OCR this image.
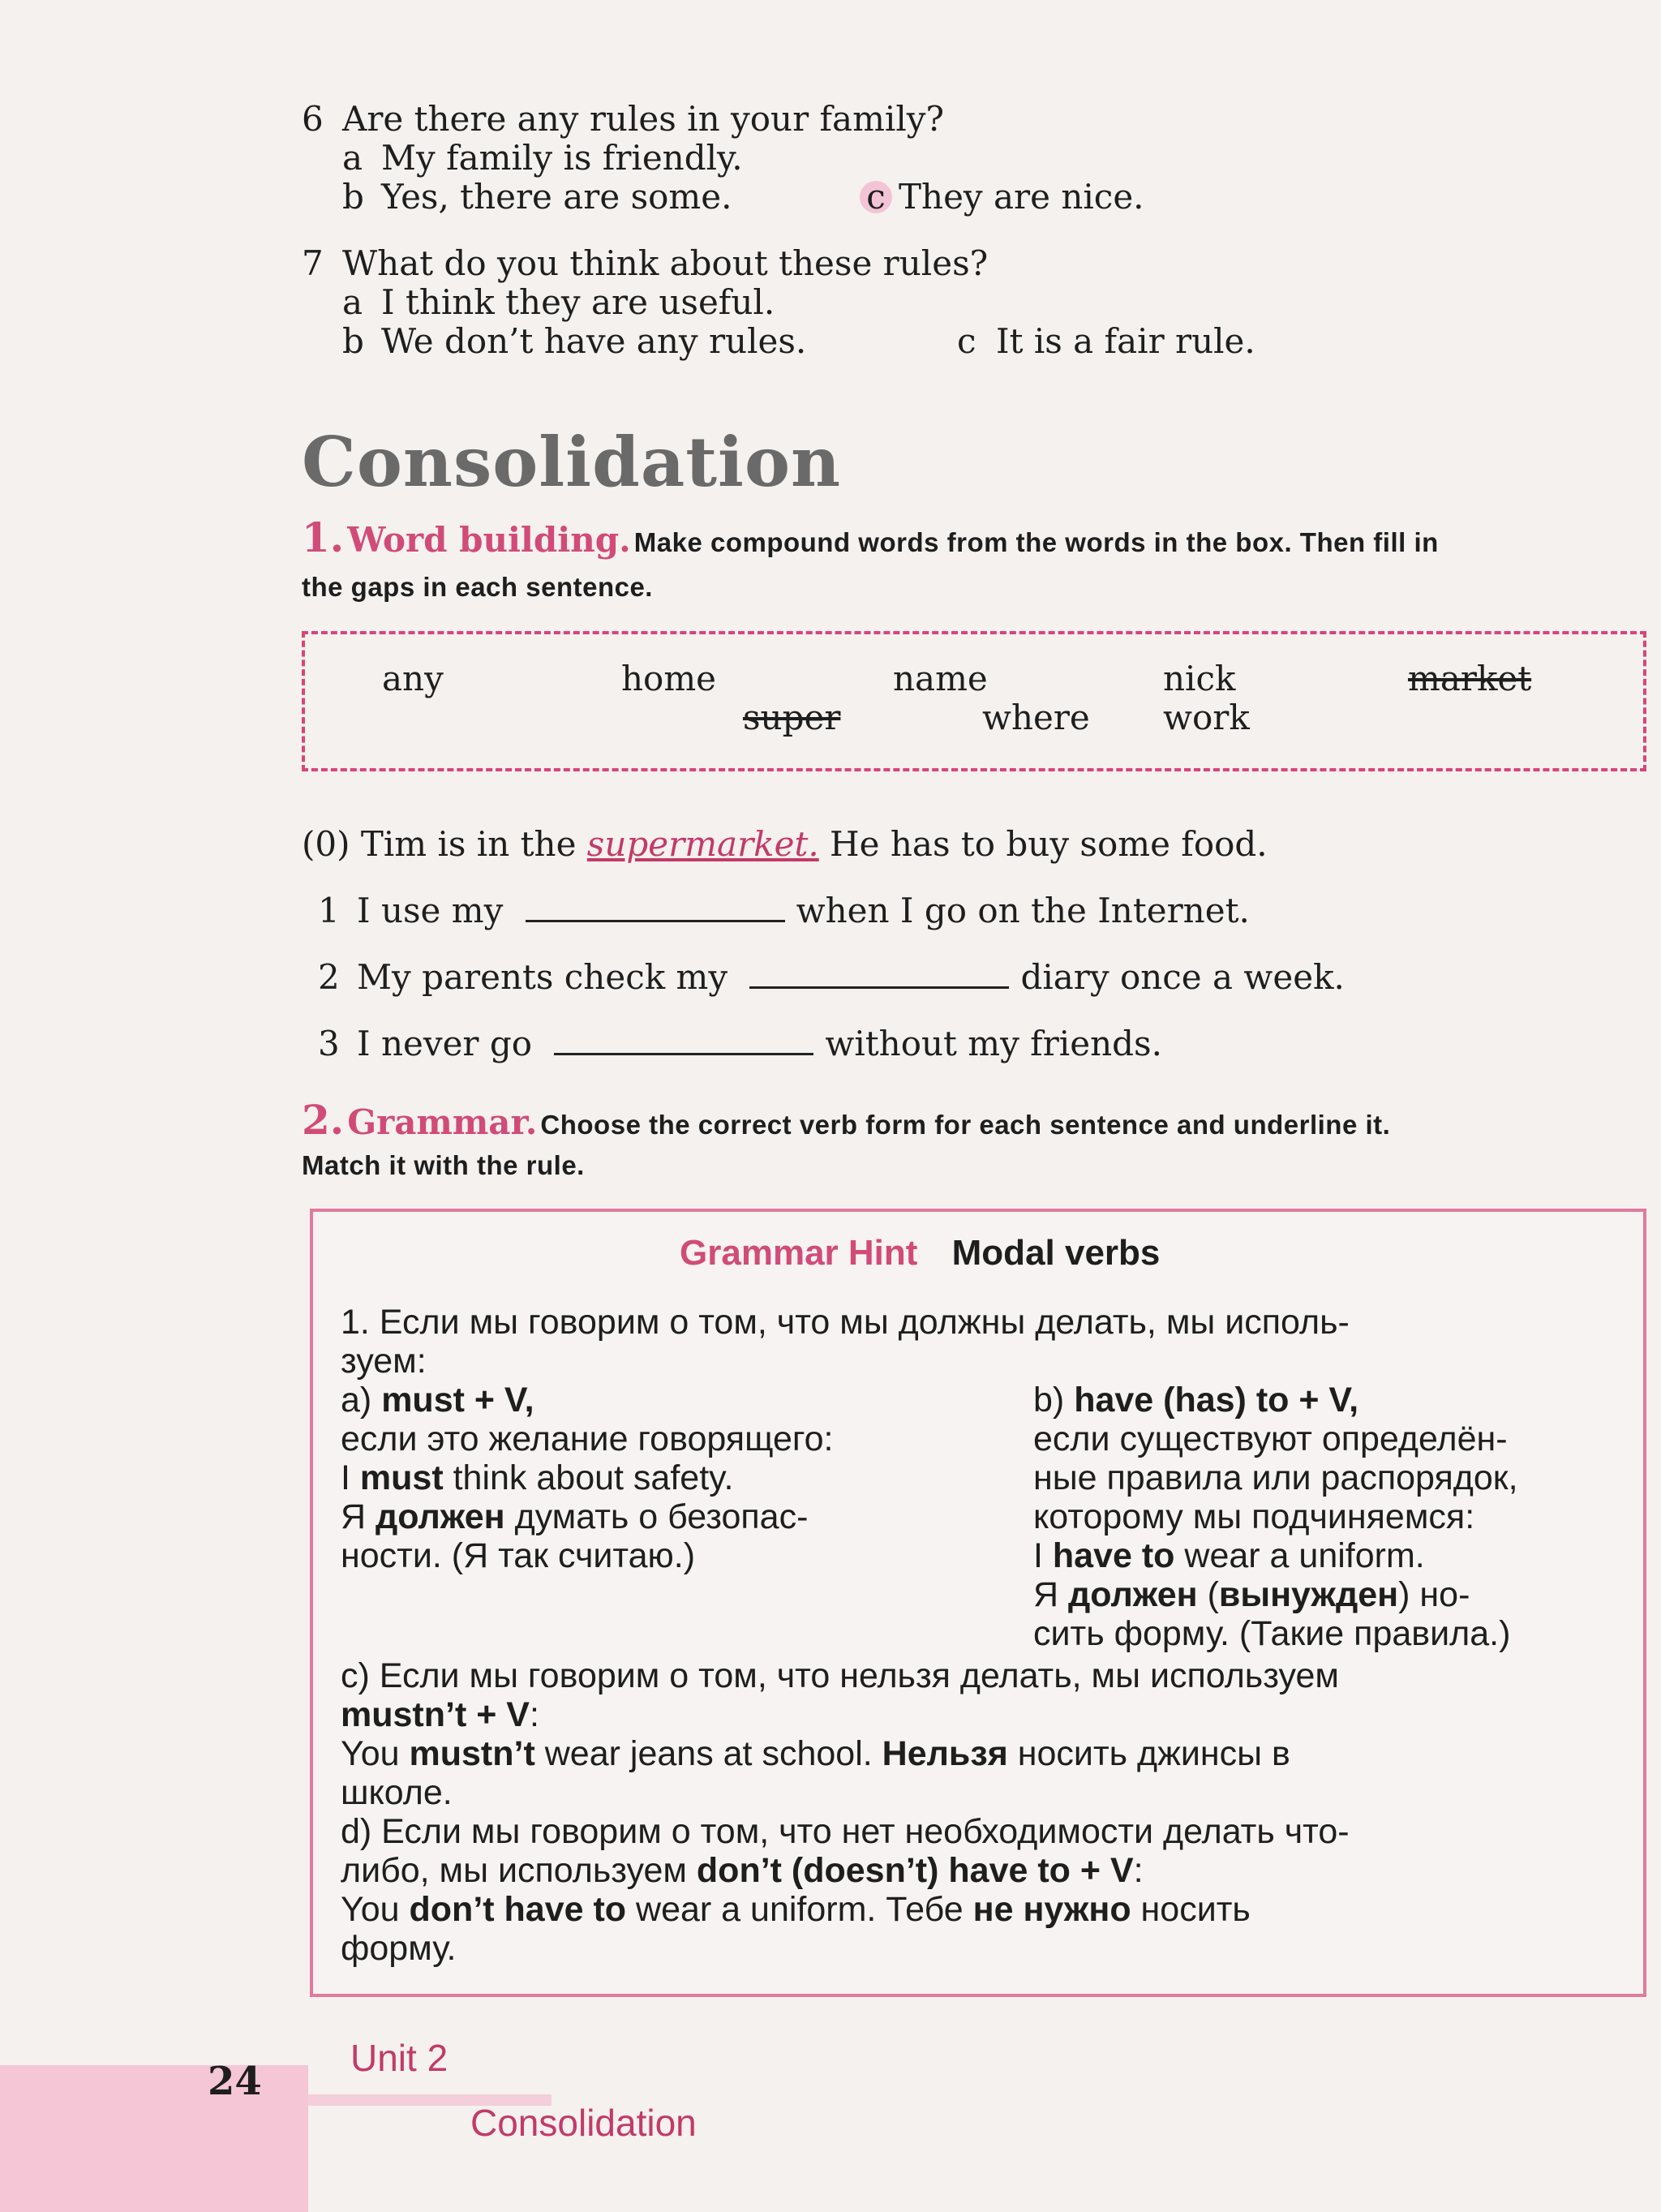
6 Are there any rules in your family?
a My family is friendly.
b Yes, there are some.	c They are nice.
7 What do you think about these rules?
a I think they are useful.
b We don’t have any rules.	c It is a fair rule.
Consolidation
1. Word building. Make compound words from the words in the box. Then fill in
the gaps in each sentence.
any	home	name	nick	market
super	where work
(0) Tim is in the supermarket. He has to buy some food.
1 I use my	when I go on the Internet.
2 My parents check my	diary once a week.
3 I never go	without my friends.
2. Grammar. Choose the correct verb form for each sentence and underline it.
Match it with the rule.
Grammar Hint Modal verbs
1. Если мы говорим о том, что мы должны делать, мы исполь-
зуем:
a) must + V,
если это желание говорящего:
I must think about safety.
Я должен думать о безопас-
ности. (Я так считаю.)
b) have (has) to + V,
если существуют определён-
ные правила или распорядок,
которому мы подчиняемся:
I have to wear a uniform.
Я должен (вынужден) но-
сить форму. (Такие правила.)
c) Если мы говорим о том, что нельзя делать, мы используем
mustn’t + V:
You mustn’t wear jeans at school. Нельзя носить джинсы в
школе.
d) Если мы говорим о том, что нет необходимости делать что-
либо, мы используем don’t (doesn’t) have to + V:
You don’t have to wear a uniform. Тебе не нужно носить
форму.
24
Unit 2
Consolidation
